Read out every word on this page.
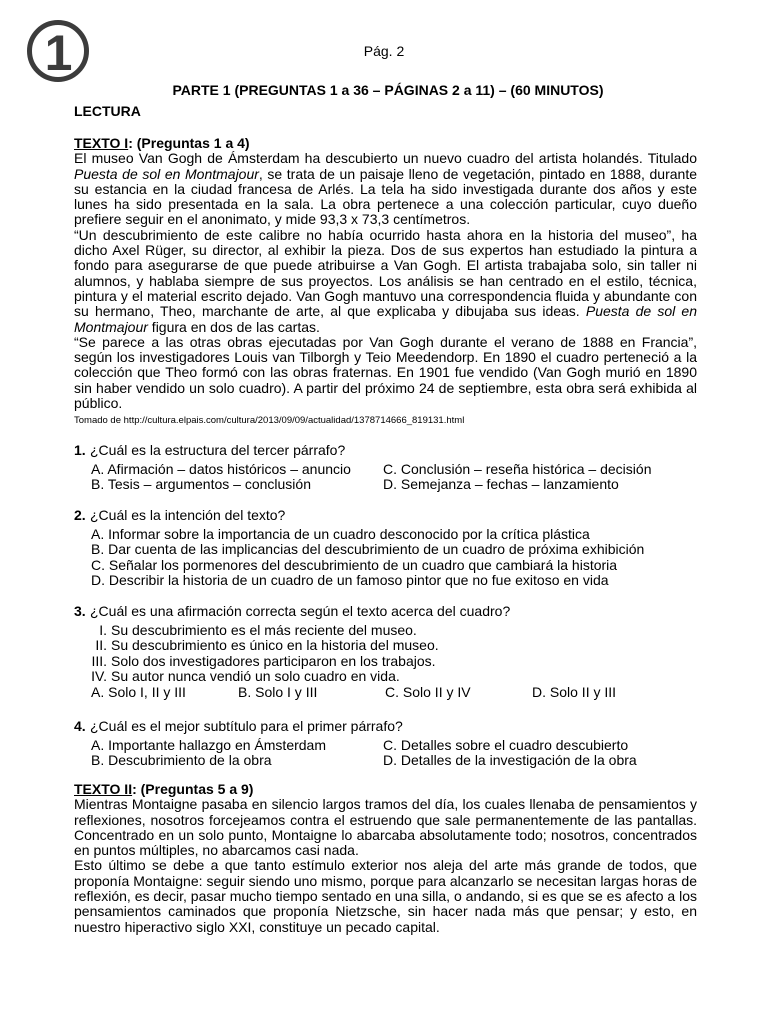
1	Pág. 2
PARTE 1 (PREGUNTAS 1 a 36 – PÁGINAS 2 a 11) – (60 MINUTOS)
LECTURA
TEXTO I: (Preguntas 1 a 4)

El museo Van Gogh de Ámsterdam ha descubierto un nuevo cuadro del artista holandés. Titulado Puesta de sol en Montmajour, se trata de un paisaje lleno de vegetación, pintado en 1888, durante su estancia en la ciudad francesa de Arlés. La tela ha sido investigada durante dos años y este lunes ha sido presentada en la sala. La obra pertenece a una colección particular, cuyo dueño prefiere seguir en el anonimato, y mide 93,3 x 73,3 centímetros.

“Un descubrimiento de este calibre no había ocurrido hasta ahora en la historia del museo”, ha dicho Axel Rüger, su director, al exhibir la pieza. Dos de sus expertos han estudiado la pintura a fondo para asegurarse de que puede atribuirse a Van Gogh. El artista trabajaba solo, sin taller ni alumnos, y hablaba siempre de sus proyectos. Los análisis se han centrado en el estilo, técnica, pintura y el material escrito dejado. Van Gogh mantuvo una correspondencia fluida y abundante con su hermano, Theo, marchante de arte, al que explicaba y dibujaba sus ideas. Puesta de sol en Montmajour figura en dos de las cartas.

“Se parece a las otras obras ejecutadas por Van Gogh durante el verano de 1888 en Francia”, según los investigadores Louis van Tilborgh y Teio Meedendorp. En 1890 el cuadro perteneció a la colección que Theo formó con las obras fraternas. En 1901 fue vendido (Van Gogh murió en 1890 sin haber vendido un solo cuadro). A partir del próximo 24 de septiembre, esta obra será exhibida al público.

Tomado de http://cultura.elpais.com/cultura/2013/09/09/actualidad/1378714666_819131.html
1. ¿Cuál es la estructura del tercer párrafo?
A. Afirmación – datos históricos – anuncio	C. Conclusión – reseña histórica – decisión
B. Tesis – argumentos – conclusión	D. Semejanza – fechas – lanzamiento
2. ¿Cuál es la intención del texto?
A. Informar sobre la importancia de un cuadro desconocido por la crítica plástica
B. Dar cuenta de las implicancias del descubrimiento de un cuadro de próxima exhibición
C. Señalar los pormenores del descubrimiento de un cuadro que cambiará la historia
D. Describir la historia de un cuadro de un famoso pintor que no fue exitoso en vida
3. ¿Cuál es una afirmación correcta según el texto acerca del cuadro?
I. Su descubrimiento es el más reciente del museo.
II. Su descubrimiento es único en la historia del museo.
III. Solo dos investigadores participaron en los trabajos.
IV. Su autor nunca vendió un solo cuadro en vida.
A. Solo I, II y III	B. Solo I y III	C. Solo II y IV	D. Solo II y III
4. ¿Cuál es el mejor subtítulo para el primer párrafo?
A. Importante hallazgo en Ámsterdam	C. Detalles sobre el cuadro descubierto
B. Descubrimiento de la obra	D. Detalles de la investigación de la obra
TEXTO II: (Preguntas 5 a 9)

Mientras Montaigne pasaba en silencio largos tramos del día, los cuales llenaba de pensamientos y reflexiones, nosotros forcejeamos contra el estruendo que sale permanentemente de las pantallas. Concentrado en un solo punto, Montaigne lo abarcaba absolutamente todo; nosotros, concentrados en puntos múltiples, no abarcamos casi nada.

Esto último se debe a que tanto estímulo exterior nos aleja del arte más grande de todos, que proponía Montaigne: seguir siendo uno mismo, porque para alcanzarlo se necesitan largas horas de reflexión, es decir, pasar mucho tiempo sentado en una silla, o andando, si es que se es afecto a los pensamientos caminados que proponía Nietzsche, sin hacer nada más que pensar; y esto, en nuestro hiperactivo siglo XXI, constituye un pecado capital.
